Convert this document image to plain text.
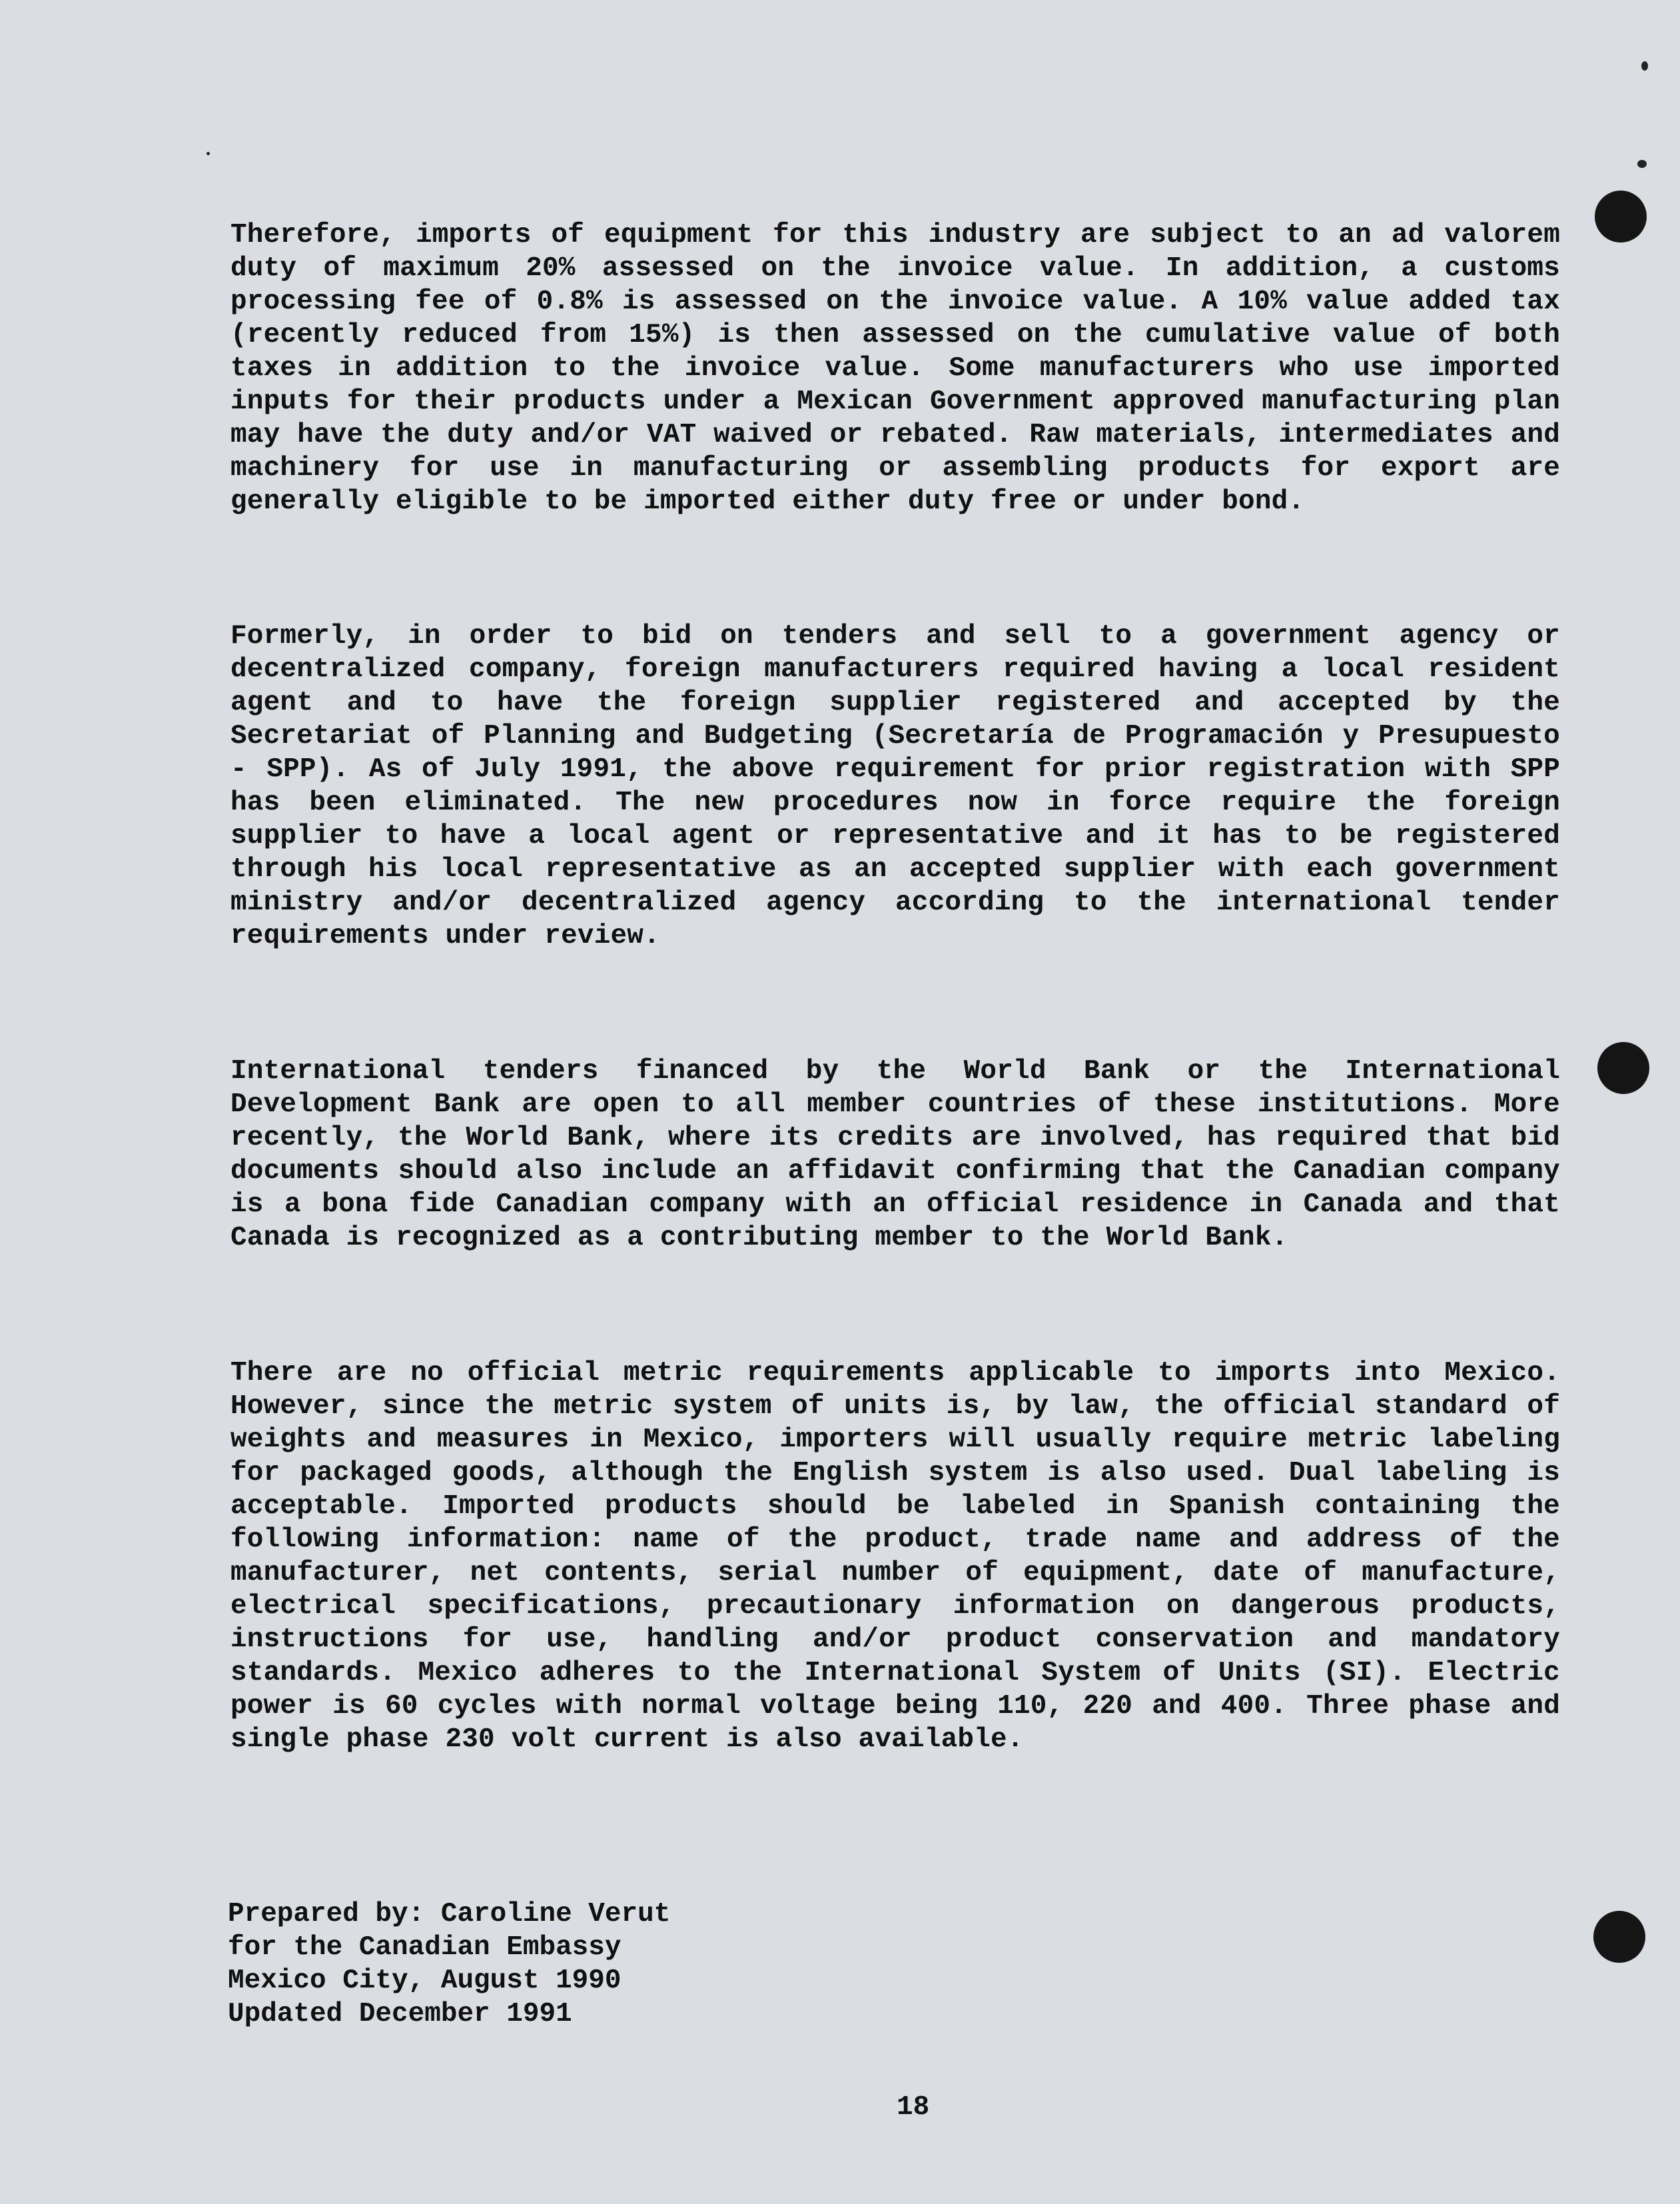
Therefore, imports of equipment for this industry are subject to an ad valorem duty of maximum 20% assessed on the invoice value. In addition, a customs processing fee of 0.8% is assessed on the invoice value. A 10% value added tax (recently reduced from 15%) is then assessed on the cumulative value of both taxes in addition to the invoice value. Some manufacturers who use imported inputs for their products under a Mexican Government approved manufacturing plan may have the duty and/or VAT waived or rebated. Raw materials, intermediates and machinery for use in manufacturing or assembling products for export are generally eligible to be imported either duty free or under bond.

Formerly, in order to bid on tenders and sell to a government agency or decentralized company, foreign manufacturers required having a local resident agent and to have the foreign supplier registered and accepted by the Secretariat of Planning and Budgeting (Secretaría de Programación y Presupuesto - SPP). As of July 1991, the above requirement for prior registration with SPP has been eliminated. The new procedures now in force require the foreign supplier to have a local agent or representative and it has to be registered through his local representative as an accepted supplier with each government ministry and/or decentralized agency according to the international tender requirements under review.

International tenders financed by the World Bank or the International Development Bank are open to all member countries of these institutions. More recently, the World Bank, where its credits are involved, has required that bid documents should also include an affidavit confirming that the Canadian company is a bona fide Canadian company with an official residence in Canada and that Canada is recognized as a contributing member to the World Bank.

There are no official metric requirements applicable to imports into Mexico. However, since the metric system of units is, by law, the official standard of weights and measures in Mexico, importers will usually require metric labeling for packaged goods, although the English system is also used. Dual labeling is acceptable. Imported products should be labeled in Spanish containing the following information: name of the product, trade name and address of the manufacturer, net contents, serial number of equipment, date of manufacture, electrical specifications, precautionary information on dangerous products, instructions for use, handling and/or product conservation and mandatory standards. Mexico adheres to the International System of Units (SI). Electric power is 60 cycles with normal voltage being 110, 220 and 400. Three phase and single phase 230 volt current is also available.

Prepared by: Caroline Verut
for the Canadian Embassy
Mexico City, August 1990
Updated December 1991
18
